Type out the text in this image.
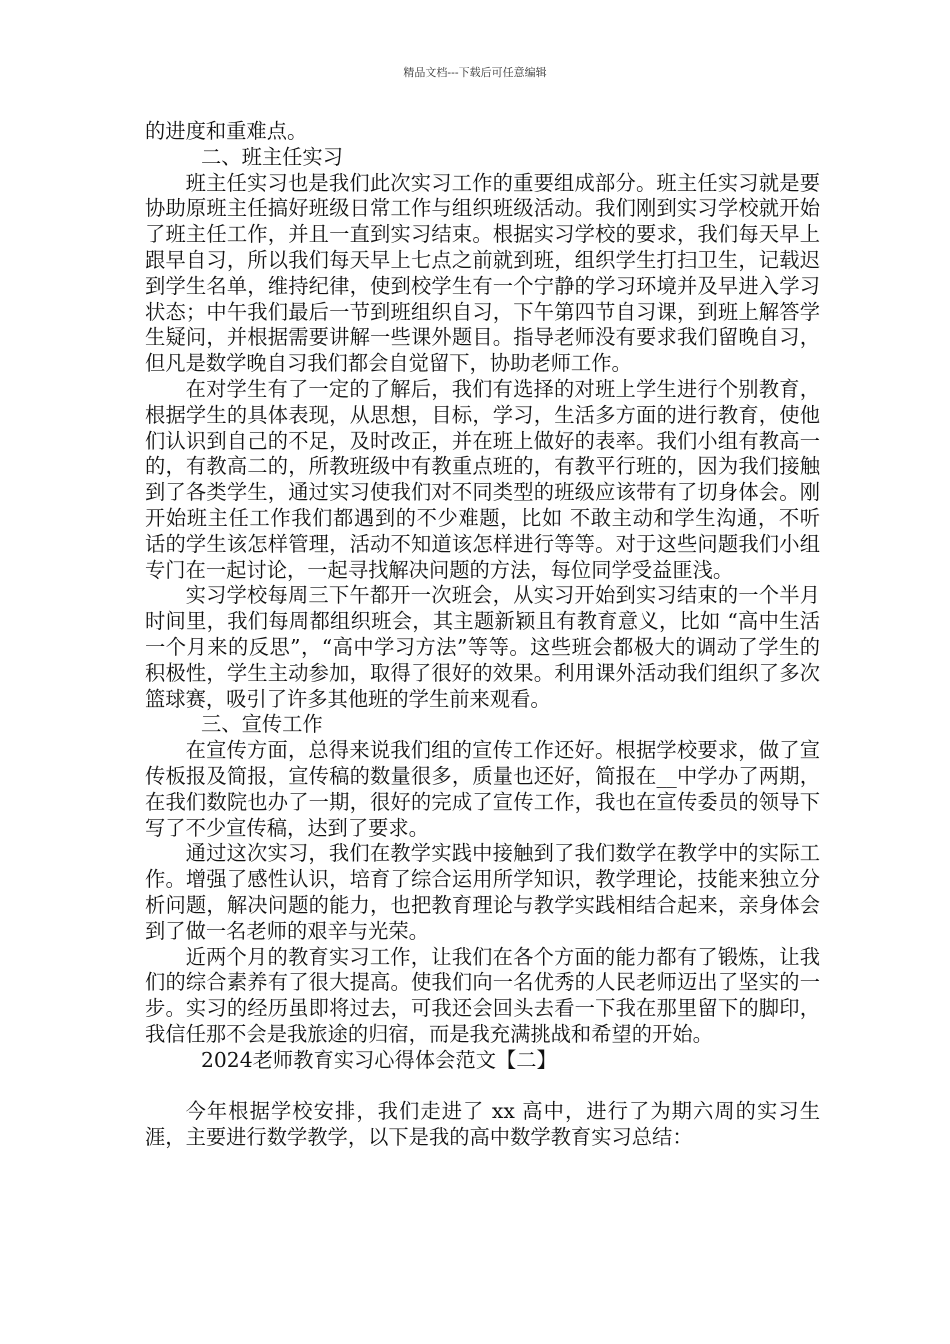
精品文档---下载后可任意编辑

的进度和重难点。

二、班主任实习

班主任实习也是我们此次实习工作的重要组成部分。班主任实习就是要协助原班主任搞好班级日常工作与组织班级活动。我们刚到实习学校就开始了班主任工作，并且一直到实习结束。根据实习学校的要求，我们每天早上跟早自习，所以我们每天早上七点之前就到班，组织学生打扫卫生，记载迟到学生名单，维持纪律，使到校学生有一个宁静的学习环境并及早进入学习状态；中午我们最后一节到班组织自习，下午第四节自习课，到班上解答学生疑问，并根据需要讲解一些课外题目。指导老师没有要求我们留晚自习，但凡是数学晚自习我们都会自觉留下，协助老师工作。

在对学生有了一定的了解后，我们有选择的对班上学生进行个别教育，根据学生的具体表现，从思想，目标，学习，生活多方面的进行教育，使他们认识到自己的不足，及时改正，并在班上做好的表率。我们小组有教高一的，有教高二的，所教班级中有教重点班的，有教平行班的，因为我们接触到了各类学生，通过实习使我们对不同类型的班级应该带有了切身体会。刚开始班主任工作我们都遇到的不少难题，比如 不敢主动和学生沟通，不听话的学生该怎样管理，活动不知道该怎样进行等等。对于这些问题我们小组专门在一起讨论，一起寻找解决问题的方法，每位同学受益匪浅。

实习学校每周三下午都开一次班会，从实习开始到实习结束的一个半月时间里，我们每周都组织班会，其主题新颖且有教育意义，比如 “高中生活一个月来的反思”，“高中学习方法”等等。这些班会都极大的调动了学生的积极性，学生主动参加，取得了很好的效果。利用课外活动我们组织了多次篮球赛，吸引了许多其他班的学生前来观看。

三、宣传工作

在宣传方面，总得来说我们组的宣传工作还好。根据学校要求，做了宣传板报及简报，宣传稿的数量很多，质量也还好，简报在__中学办了两期，在我们数院也办了一期，很好的完成了宣传工作，我也在宣传委员的领导下写了不少宣传稿，达到了要求。

通过这次实习，我们在教学实践中接触到了我们数学在教学中的实际工作。增强了感性认识，培育了综合运用所学知识，教学理论，技能来独立分析问题，解决问题的能力，也把教育理论与教学实践相结合起来，亲身体会到了做一名老师的艰辛与光荣。

近两个月的教育实习工作，让我们在各个方面的能力都有了锻炼，让我们的综合素养有了很大提高。使我们向一名优秀的人民老师迈出了坚实的一步。实习的经历虽即将过去，可我还会回头去看一下我在那里留下的脚印，我信任那不会是我旅途的归宿，而是我充满挑战和希望的开始。

2024老师教育实习心得体会范文【二】

今年根据学校安排，我们走进了 xx 高中，进行了为期六周的实习生涯，主要进行数学教学，以下是我的高中数学教育实习总结：
